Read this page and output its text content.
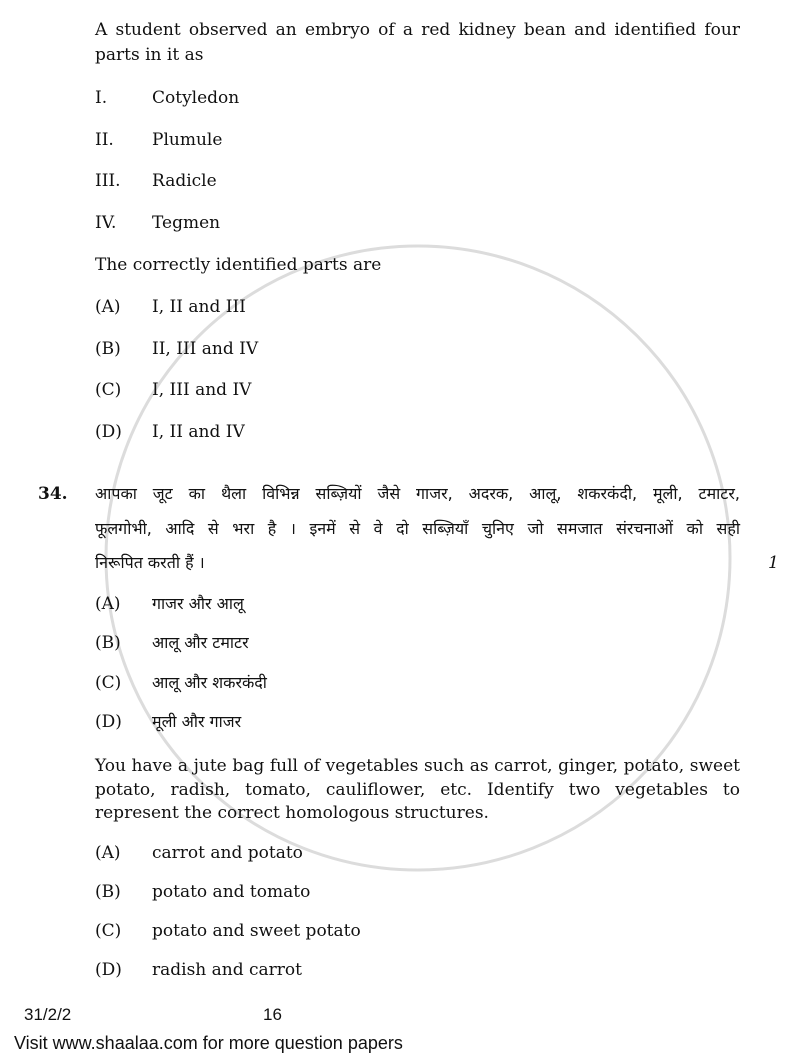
A student observed an embryo of a red kidney bean and identified four
parts in it as
I.	Cotyledon
II. Plumule
III. Radicle
IV. Tegmen
The correctly identified parts are
(A) I, II and III
(B) II, III and IV
(C) I, III and IV
(D) I, II and IV
34. आपका जूट का थैला विभिन्न सब्ज़ियों जैसे गाजर, अदरक, आलू, शकरकंदी, मूली, टमाटर,
फूलगोभी, आदि से भरा है । इनमें से वे दो सब्ज़ियाँ चुनिए जो समजात संरचनाओं को सही
निरूपित करती हैं ।	1
(A) गाजर और आलू
(B) आलू और टमाटर
(C) आलू और शकरकंदी
(D) मूली और गाजर
You have a jute bag full of vegetables such as carrot, ginger, potato, sweet
potato, radish, tomato, cauliflower, etc. Identify two vegetables to
represent the correct homologous structures.
(A) carrot and potato
(B) potato and tomato
(C) potato and sweet potato
(D) radish and carrot
31/2/2	16
Visit www.shaalaa.com for more question papers
